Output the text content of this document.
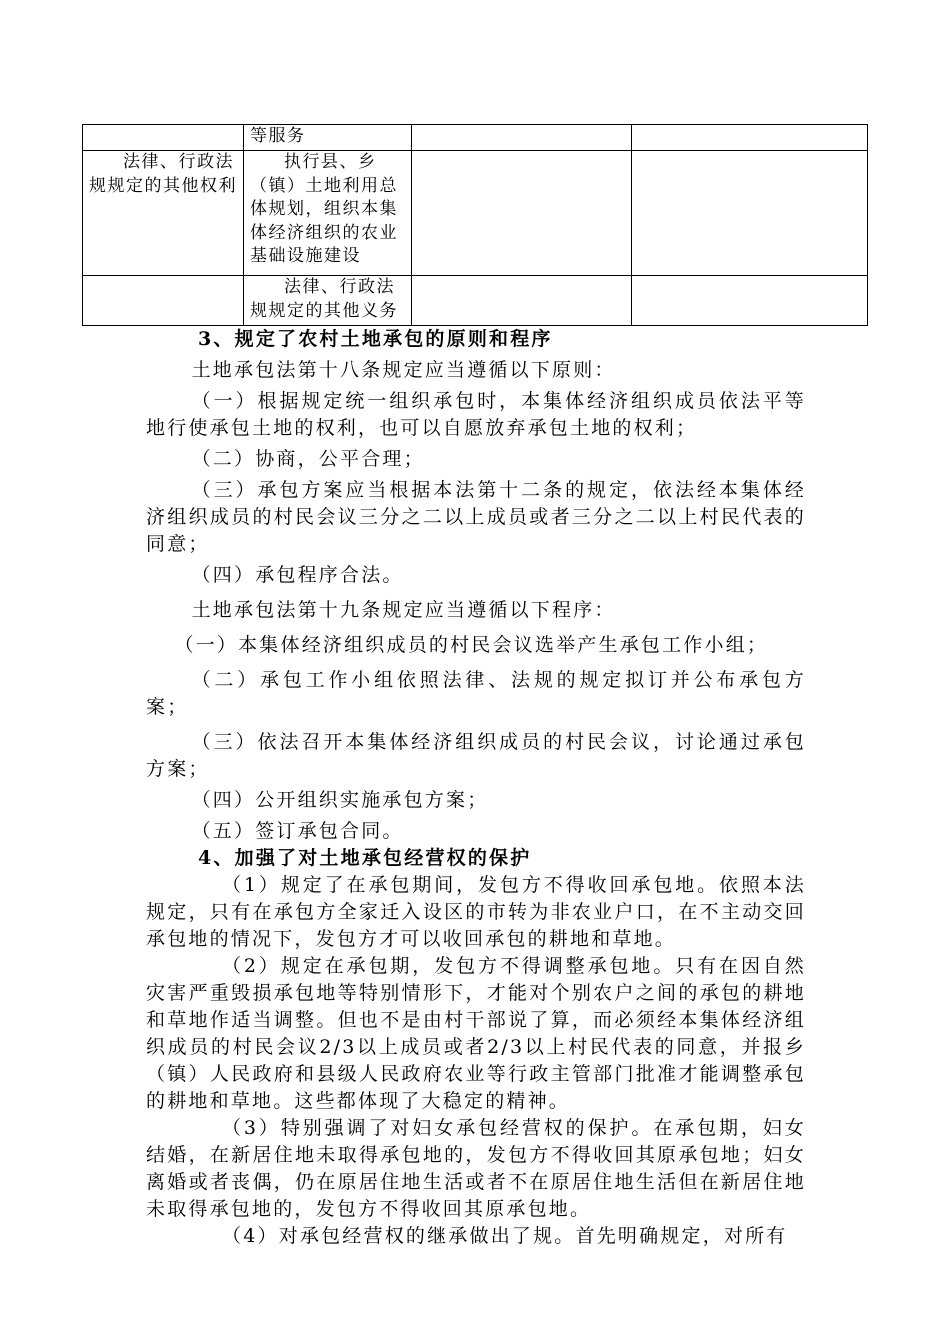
	等服务		
法律、行政法规规定的其他权利	执行县、乡（镇）土地利用总体规划，组织本集体经济组织的农业基础设施建设		
	法律、行政法规规定的其他义务		

3、规定了农村土地承包的原则和程序

土地承包法第十八条规定应当遵循以下原则：

（一）根据规定统一组织承包时，本集体经济组织成员依法平等地行使承包土地的权利，也可以自愿放弃承包土地的权利；

（二）协商，公平合理；

（三）承包方案应当根据本法第十二条的规定，依法经本集体经济组织成员的村民会议三分之二以上成员或者三分之二以上村民代表的同意；

（四）承包程序合法。

土地承包法第十九条规定应当遵循以下程序：

（一）本集体经济组织成员的村民会议选举产生承包工作小组；

（二）承包工作小组依照法律、法规的规定拟订并公布承包方案；

（三）依法召开本集体经济组织成员的村民会议，讨论通过承包方案；

（四）公开组织实施承包方案；

（五）签订承包合同。

4、加强了对土地承包经营权的保护

（1）规定了在承包期间，发包方不得收回承包地。依照本法规定，只有在承包方全家迁入设区的市转为非农业户口，在不主动交回承包地的情况下，发包方才可以收回承包的耕地和草地。

（2）规定在承包期，发包方不得调整承包地。只有在因自然灾害严重毁损承包地等特别情形下，才能对个别农户之间的承包的耕地和草地作适当调整。但也不是由村干部说了算，而必须经本集体经济组织成员的村民会议2/3以上成员或者2/3以上村民代表的同意，并报乡（镇）人民政府和县级人民政府农业等行政主管部门批准才能调整承包的耕地和草地。这些都体现了大稳定的精神。

（3）特别强调了对妇女承包经营权的保护。在承包期，妇女结婚，在新居住地未取得承包地的，发包方不得收回其原承包地；妇女离婚或者丧偶，仍在原居住地生活或者不在原居住地生活但在新居住地未取得承包地的，发包方不得收回其原承包地。

（4）对承包经营权的继承做出了规。首先明确规定，对所有
